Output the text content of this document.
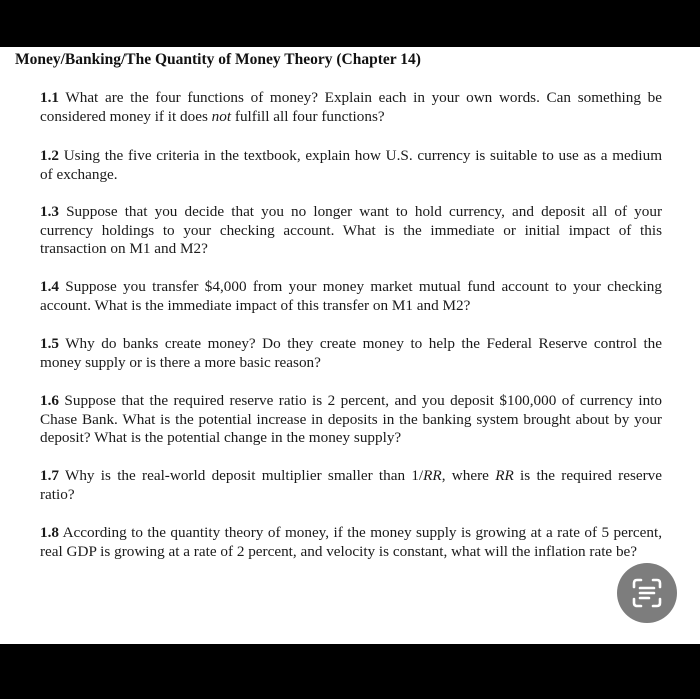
Money/Banking/The Quantity of Money Theory (Chapter 14)
1.1 What are the four functions of money? Explain each in your own words. Can something be considered money if it does not fulfill all four functions?
1.2 Using the five criteria in the textbook, explain how U.S. currency is suitable to use as a medium of exchange.
1.3 Suppose that you decide that you no longer want to hold currency, and deposit all of your currency holdings to your checking account. What is the immediate or initial impact of this transaction on M1 and M2?
1.4 Suppose you transfer $4,000 from your money market mutual fund account to your checking account. What is the immediate impact of this transfer on M1 and M2?
1.5 Why do banks create money? Do they create money to help the Federal Reserve control the money supply or is there a more basic reason?
1.6 Suppose that the required reserve ratio is 2 percent, and you deposit $100,000 of currency into Chase Bank. What is the potential increase in deposits in the banking system brought about by your deposit? What is the potential change in the money supply?
1.7 Why is the real-world deposit multiplier smaller than 1/RR, where RR is the required reserve ratio?
1.8 According to the quantity theory of money, if the money supply is growing at a rate of 5 percent, real GDP is growing at a rate of 2 percent, and velocity is constant, what will the inflation rate be?
